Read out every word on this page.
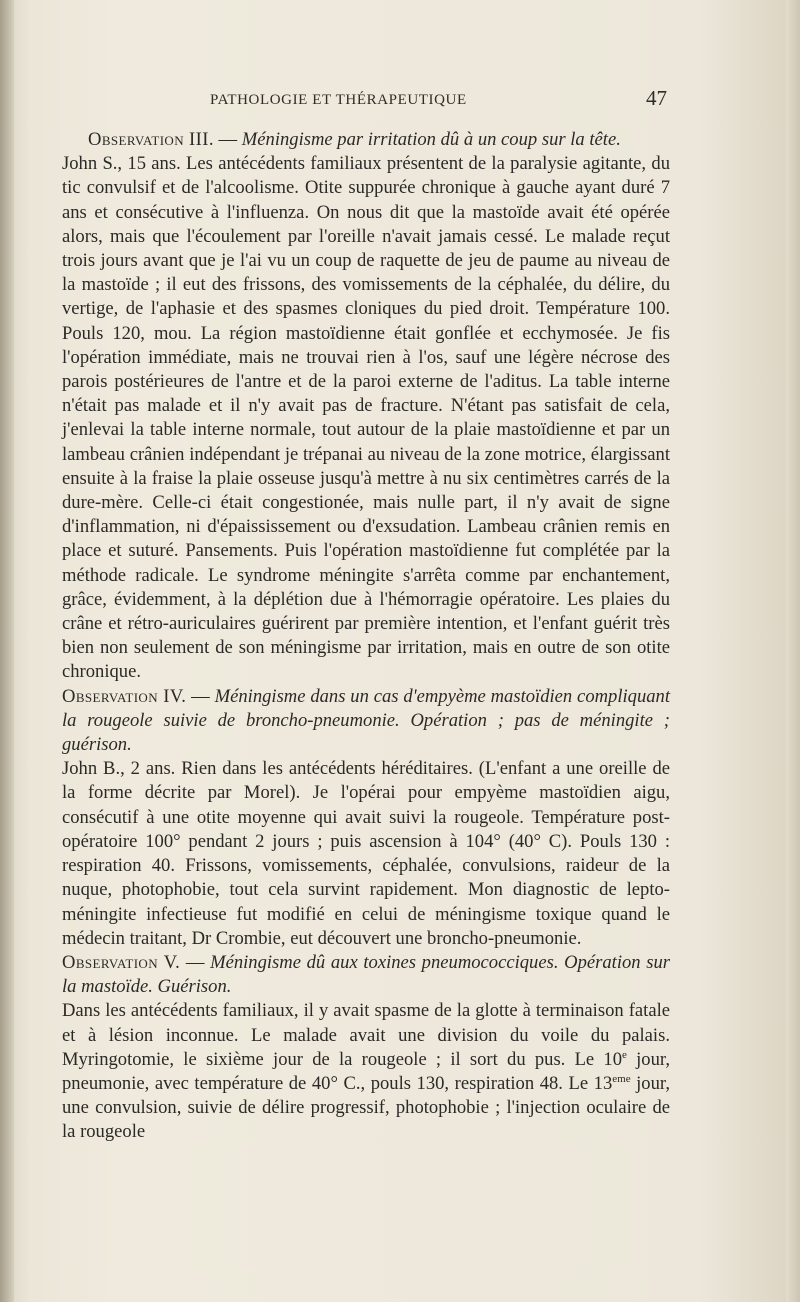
PATHOLOGIE ET THÉRAPEUTIQUE	47

Observation III. — Méningisme par irritation dû à un coup sur la tête.

John S., 15 ans. Les antécédents familiaux présentent de la paralysie agitante, du tic convulsif et de l'alcoolisme. Otite suppurée chronique à gauche ayant duré 7 ans et consécutive à l'influenza. On nous dit que la mastoïde avait été opérée alors, mais que l'écoulement par l'oreille n'avait jamais cessé. Le malade reçut trois jours avant que je l'ai vu un coup de raquette de jeu de paume au niveau de la mastoïde ; il eut des frissons, des vomissements de la céphalée, du délire, du vertige, de l'aphasie et des spasmes cloniques du pied droit. Température 100. Pouls 120, mou. La région mastoïdienne était gonflée et ecchymosée. Je fis l'opération immédiate, mais ne trouvai rien à l'os, sauf une légère nécrose des parois postérieures de l'antre et de la paroi externe de l'aditus. La table interne n'était pas malade et il n'y avait pas de fracture. N'étant pas satisfait de cela, j'enlevai la table interne normale, tout autour de la plaie mastoïdienne et par un lambeau crânien indépendant je trépanai au niveau de la zone motrice, élargissant ensuite à la fraise la plaie osseuse jusqu'à mettre à nu six centimètres carrés de la dure-mère. Celle-ci était congestionée, mais nulle part, il n'y avait de signe d'inflammation, ni d'épaississement ou d'exsudation. Lambeau crânien remis en place et suturé. Pansements. Puis l'opération mastoïdienne fut complétée par la méthode radicale. Le syndrome méningite s'arrêta comme par enchantement, grâce, évidemment, à la déplétion due à l'hémorragie opératoire. Les plaies du crâne et rétro-auriculaires guérirent par première intention, et l'enfant guérit très bien non seulement de son méningisme par irritation, mais en outre de son otite chronique.

Observation IV. — Méningisme dans un cas d'empyème mastoïdien compliquant la rougeole suivie de broncho-pneumonie. Opération ; pas de méningite ; guérison.

John B., 2 ans. Rien dans les antécédents héréditaires. (L'enfant a une oreille de la forme décrite par Morel). Je l'opérai pour empyème mastoïdien aigu, consécutif à une otite moyenne qui avait suivi la rougeole. Température post-opératoire 100° pendant 2 jours ; puis ascension à 104° (40° C). Pouls 130 : respiration 40. Frissons, vomissements, céphalée, convulsions, raideur de la nuque, photophobie, tout cela survint rapidement. Mon diagnostic de lepto-méningite infectieuse fut modifié en celui de méningisme toxique quand le médecin traitant, Dr Crombie, eut découvert une broncho-pneumonie.

Observation V. — Méningisme dû aux toxines pneumococciques. Opération sur la mastoïde. Guérison.

Dans les antécédents familiaux, il y avait spasme de la glotte à terminaison fatale et à lésion inconnue. Le malade avait une division du voile du palais. Myringotomie, le sixième jour de la rougeole ; il sort du pus. Le 10e jour, pneumonie, avec température de 40° C., pouls 130, respiration 48. Le 13eme jour, une convulsion, suivie de délire progressif, photophobie ; l'injection oculaire de la rougeole
